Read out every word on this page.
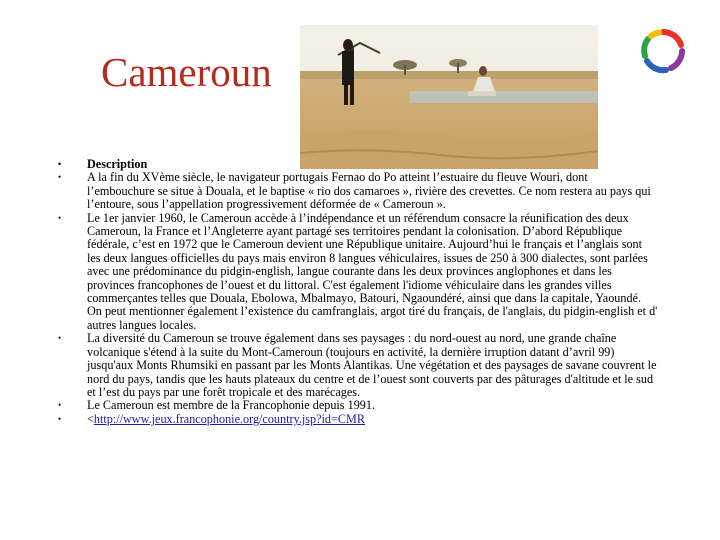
Cameroun
• Description
• A la fin du XVème siècle, le navigateur portugais Fernao do Po atteint l’estuaire du fleuve Wouri, dont l’embouchure se situe à Douala, et le baptise « rio dos camaroes », rivière des crevettes. Ce nom restera au pays qui l’entoure, sous l’appellation progressivement déformée de « Cameroun ».
• Le 1er janvier 1960, le Cameroun accède à l’indépendance et un référendum consacre la réunification des deux Cameroun, la France et l’Angleterre ayant partagé ses territoires pendant la colonisation. D’abord République fédérale, c’est en 1972 que le Cameroun devient une République unitaire. Aujourd’hui le français et l’anglais sont les deux langues officielles du pays mais environ 8 langues véhiculaires, issues de 250 à 300 dialectes, sont parlées avec une prédominance du pidgin-english, langue courante dans les deux provinces anglophones et dans les provinces francophones de l’ouest et du littoral. C'est également l'idiome véhiculaire dans les grandes villes commerçantes telles que Douala, Ebolowa, Mbalmayo, Batouri, Ngaoundéré, ainsi que dans la capitale, Yaoundé. On peut mentionner également l’existence du camfranglais, argot tiré du français, de l'anglais, du pidgin-english et d' autres langues locales.
• La diversité du Cameroun se trouve également dans ses paysages : du nord-ouest au nord, une grande chaîne volcanique s'étend à la suite du Mont-Cameroun (toujours en activité, la dernière irruption datant d’avril 99) jusqu'aux Monts Rhumsiki en passant par les Monts Alantikas. Une végétation et des paysages de savane couvrent le nord du pays, tandis que les hauts plateaux du centre et de l’ouest sont couverts par des pâturages d'altitude et le sud et l’est du pays par une forêt tropicale et des marécages.
• Le Cameroun est membre de la Francophonie depuis 1991.
• <http://www.jeux.francophonie.org/country.jsp?id=CMR
